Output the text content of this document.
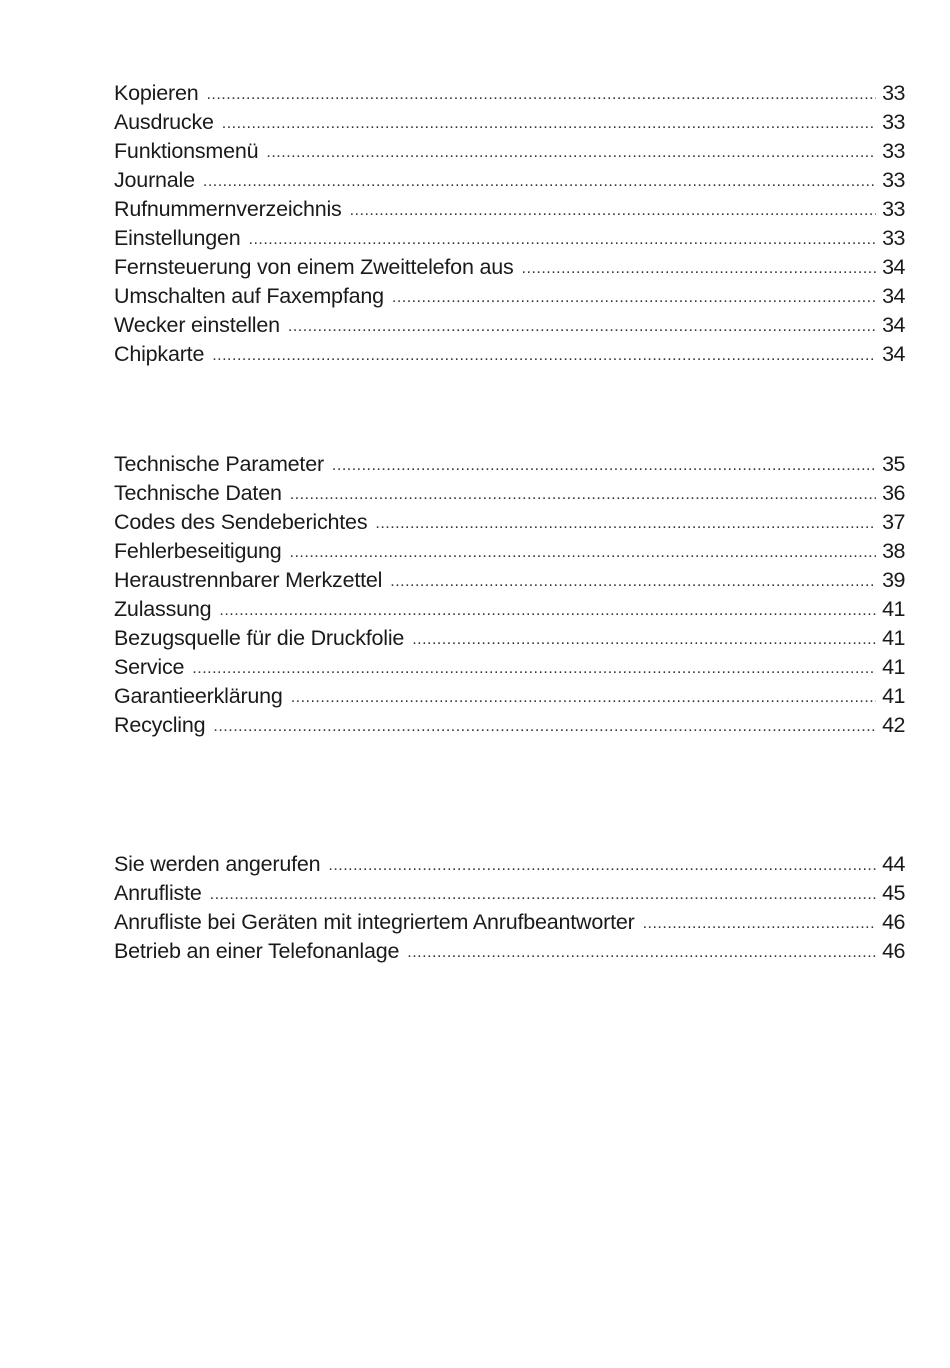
Kopieren .....	33
Ausdrucke .....	33
Funktionsmenü .....	33
Journale .....	33
Rufnummernverzeichnis .....	33
Einstellungen .....	33
Fernsteuerung von einem Zweittelefon aus .....	34
Umschalten auf Faxempfang .....	34
Wecker einstellen .....	34
Chipkarte .....	34
Technische Parameter .....	35
Technische Daten .....	36
Codes des Sendeberichtes .....	37
Fehlerbeseitigung .....	38
Heraustrennbarer Merkzettel .....	39
Zulassung .....	41
Bezugsquelle für die Druckfolie .....	41
Service .....	41
Garantieerklärung .....	41
Recycling .....	42
Sie werden angerufen .....	44
Anrufliste .....	45
Anrufliste bei Geräten mit integriertem Anrufbeantworter .....	46
Betrieb an einer Telefonanlage .....	46
